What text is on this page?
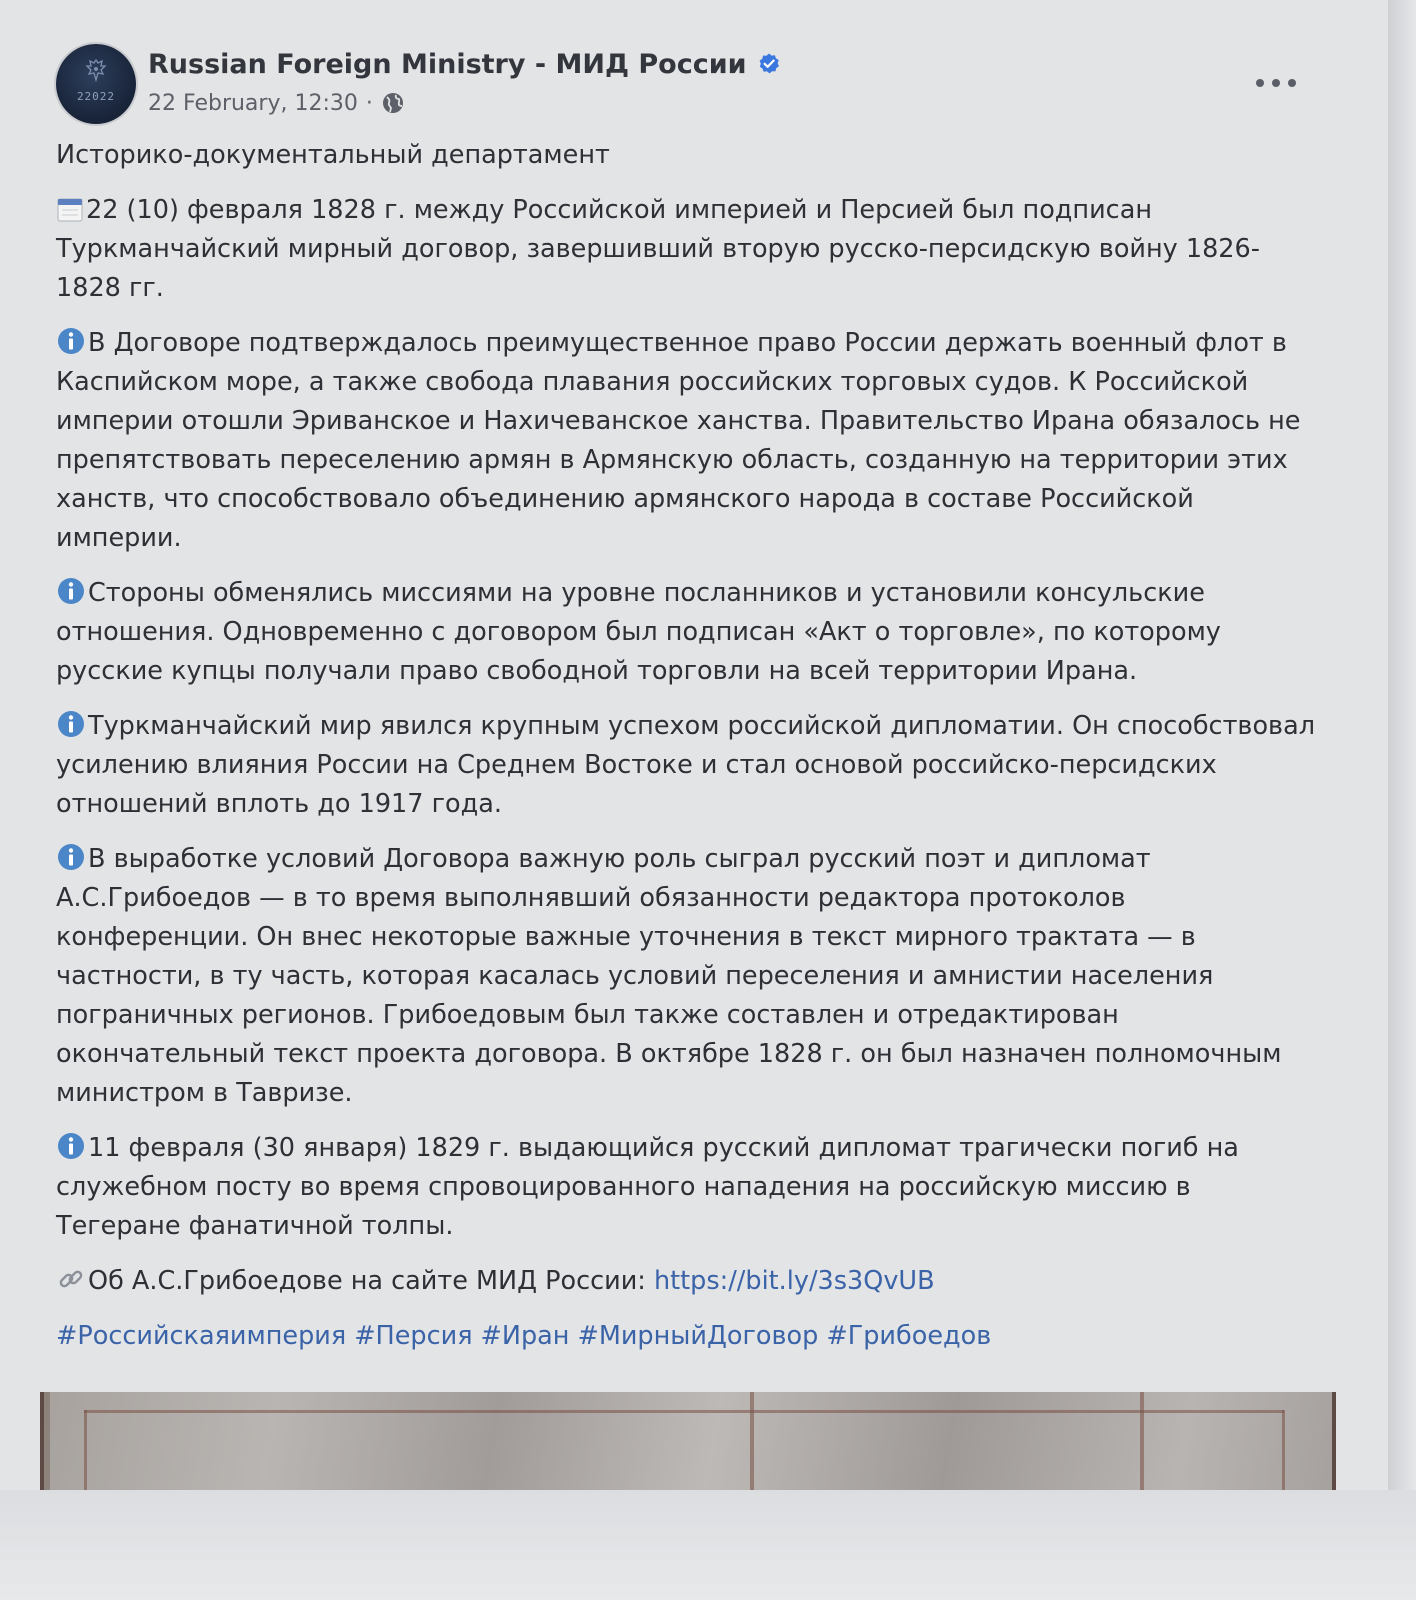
22022
Russian Foreign Ministry - МИД России
22 February, 12:30 ·

Историко-документальный департамент

22 (10) февраля 1828 г. между Российской империей и Персией был подписан Туркманчайский мирный договор, завершивший вторую русско-персидскую войну 1826-1828 гг.

В Договоре подтверждалось преимущественное право России держать военный флот в Каспийском море, а также свобода плавания российских торговых судов. К Российской империи отошли Эриванское и Нахичеванское ханства. Правительство Ирана обязалось не препятствовать переселению армян в Армянскую область, созданную на территории этих ханств, что способствовало объединению армянского народа в составе Российской империи.

Стороны обменялись миссиями на уровне посланников и установили консульские отношения. Одновременно с договором был подписан «Акт о торговле», по которому русские купцы получали право свободной торговли на всей территории Ирана.

Туркманчайский мир явился крупным успехом российской дипломатии. Он способствовал усилению влияния России на Среднем Востоке и стал основой российско-персидских отношений вплоть до 1917 года.

В выработке условий Договора важную роль сыграл русский поэт и дипломат А.С.Грибоедов — в то время выполнявший обязанности редактора протоколов конференции. Он внес некоторые важные уточнения в текст мирного трактата — в частности, в ту часть, которая касалась условий переселения и амнистии населения пограничных регионов. Грибоедовым был также составлен и отредактирован окончательный текст проекта договора. В октябре 1828 г. он был назначен полномочным министром в Тавризе.

11 февраля (30 января) 1829 г. выдающийся русский дипломат трагически погиб на служебном посту во время спровоцированного нападения на российскую миссию в Тегеране фанатичной толпы.

Об А.С.Грибоедове на сайте МИД России: https://bit.ly/3s3QvUB

#Российскаяимперия #Персия #Иран #МирныйДоговор #Грибоедов
